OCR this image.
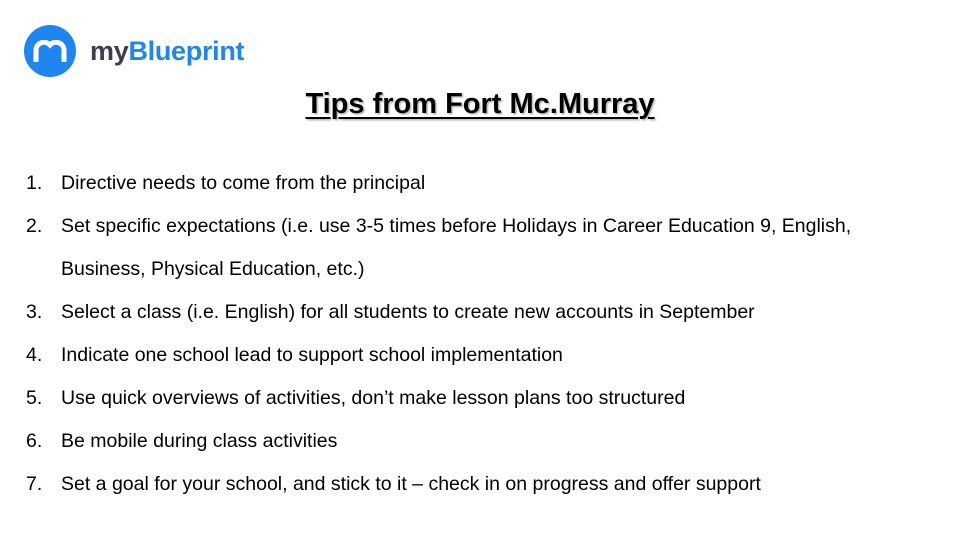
myBlueprint
Tips from Fort Mc.Murray
1. Directive needs to come from the principal
2. Set specific expectations (i.e. use 3-5 times before Holidays in Career Education 9, English, Business, Physical Education, etc.)
3. Select a class (i.e. English) for all students to create new accounts in September
4. Indicate one school lead to support school implementation
5. Use quick overviews of activities, don’t make lesson plans too structured
6. Be mobile during class activities
7. Set a goal for your school, and stick to it – check in on progress and offer support
